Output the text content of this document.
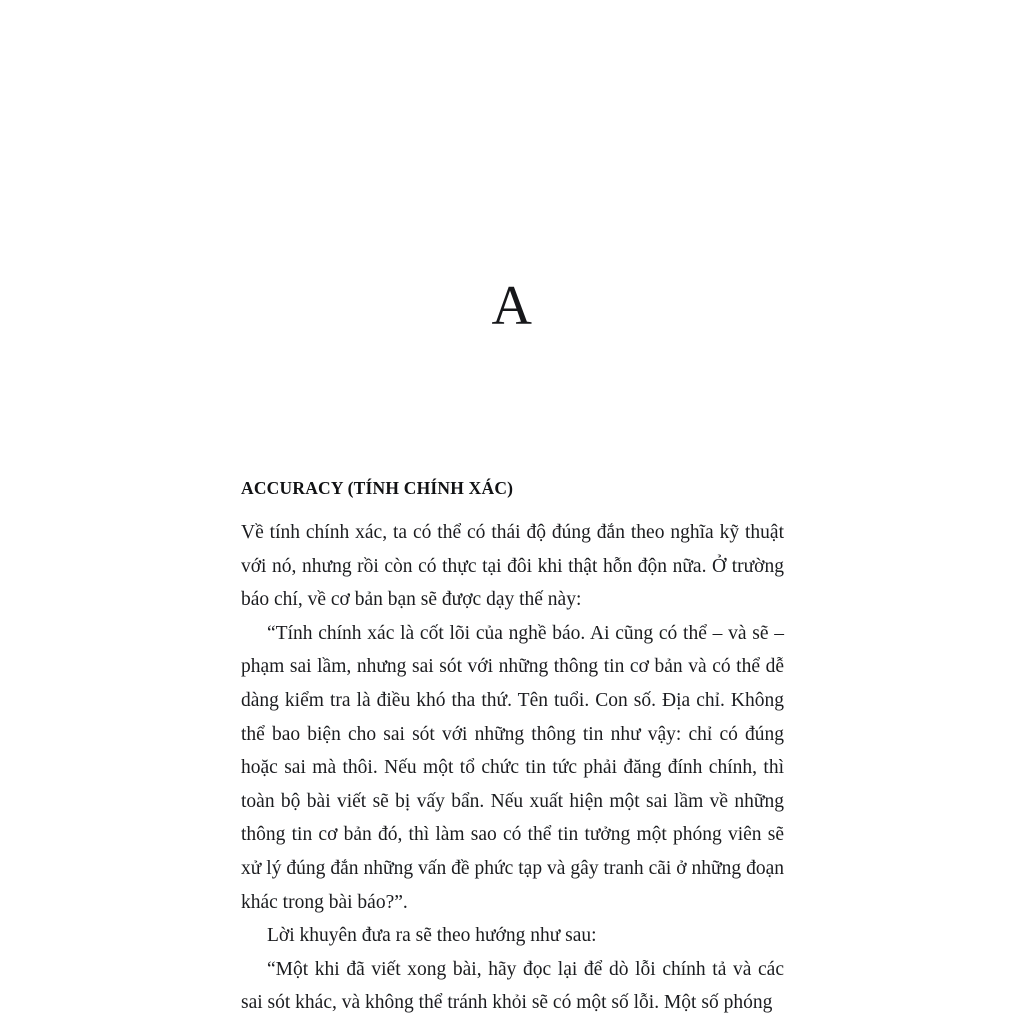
A
ACCURACY (TÍNH CHÍNH XÁC)

Về tính chính xác, ta có thể có thái độ đúng đắn theo nghĩa kỹ thuật với nó, nhưng rồi còn có thực tại đôi khi thật hỗn độn nữa. Ở trường báo chí, về cơ bản bạn sẽ được dạy thế này:

“Tính chính xác là cốt lõi của nghề báo. Ai cũng có thể – và sẽ – phạm sai lầm, nhưng sai sót với những thông tin cơ bản và có thể dễ dàng kiểm tra là điều khó tha thứ. Tên tuổi. Con số. Địa chỉ. Không thể bao biện cho sai sót với những thông tin như vậy: chỉ có đúng hoặc sai mà thôi. Nếu một tổ chức tin tức phải đăng đính chính, thì toàn bộ bài viết sẽ bị vấy bẩn. Nếu xuất hiện một sai lầm về những thông tin cơ bản đó, thì làm sao có thể tin tưởng một phóng viên sẽ xử lý đúng đắn những vấn đề phức tạp và gây tranh cãi ở những đoạn khác trong bài báo?”.

Lời khuyên đưa ra sẽ theo hướng như sau:

“Một khi đã viết xong bài, hãy đọc lại để dò lỗi chính tả và các sai sót khác, và không thể tránh khỏi sẽ có một số lỗi. Một số phóng
